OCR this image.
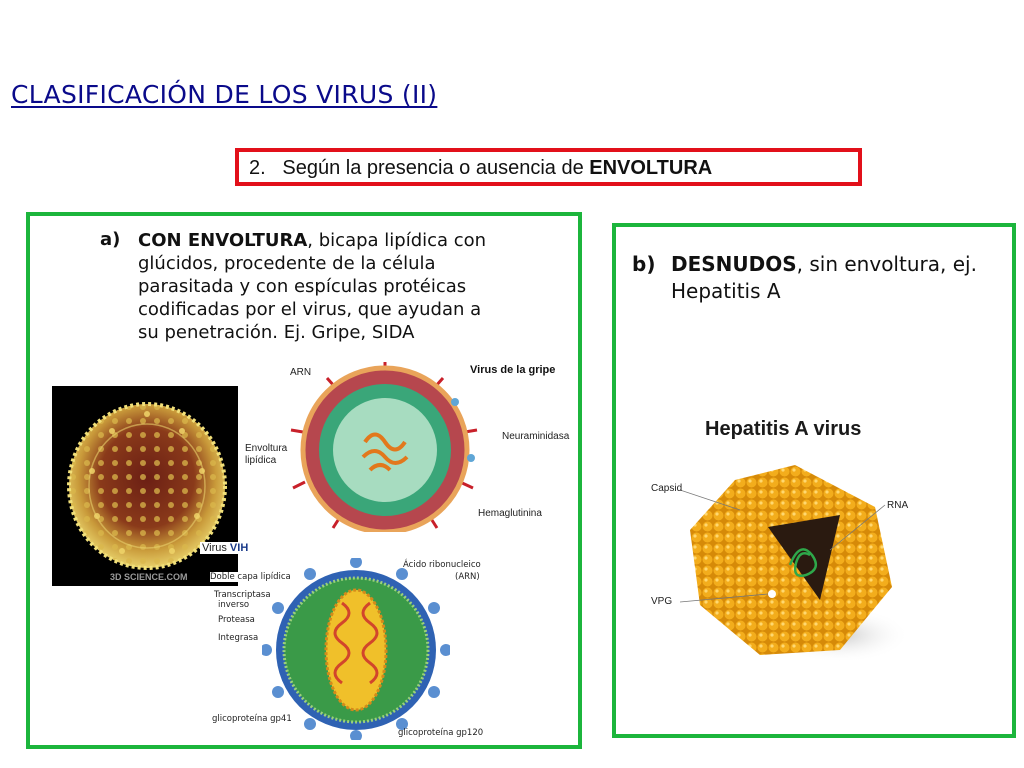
CLASIFICACIÓN DE LOS VIRUS (II)
2. Según la presencia o ausencia de ENVOLTURA
a) CON ENVOLTURA, bicapa lipídica con glúcidos, procedente de la célula parasitada y con espículas protéicas codificadas por el virus, que ayudan a su penetración. Ej. Gripe, SIDA
Virus VIH
3D SCIENCE.COM
ARN	Virus de la gripe
Envoltura
lipídica
Neuraminidasa
Hemaglutinina
Doble capa lipídica
Transcriptasa
inverso
Proteasa
Integrasa
Ácido ribonucleico
(ARN)
glicoproteína gp41
glicoproteína gp120
b) DESNUDOS, sin envoltura, ej. Hepatitis A
Hepatitis A virus
Capsid
RNA
VPG
